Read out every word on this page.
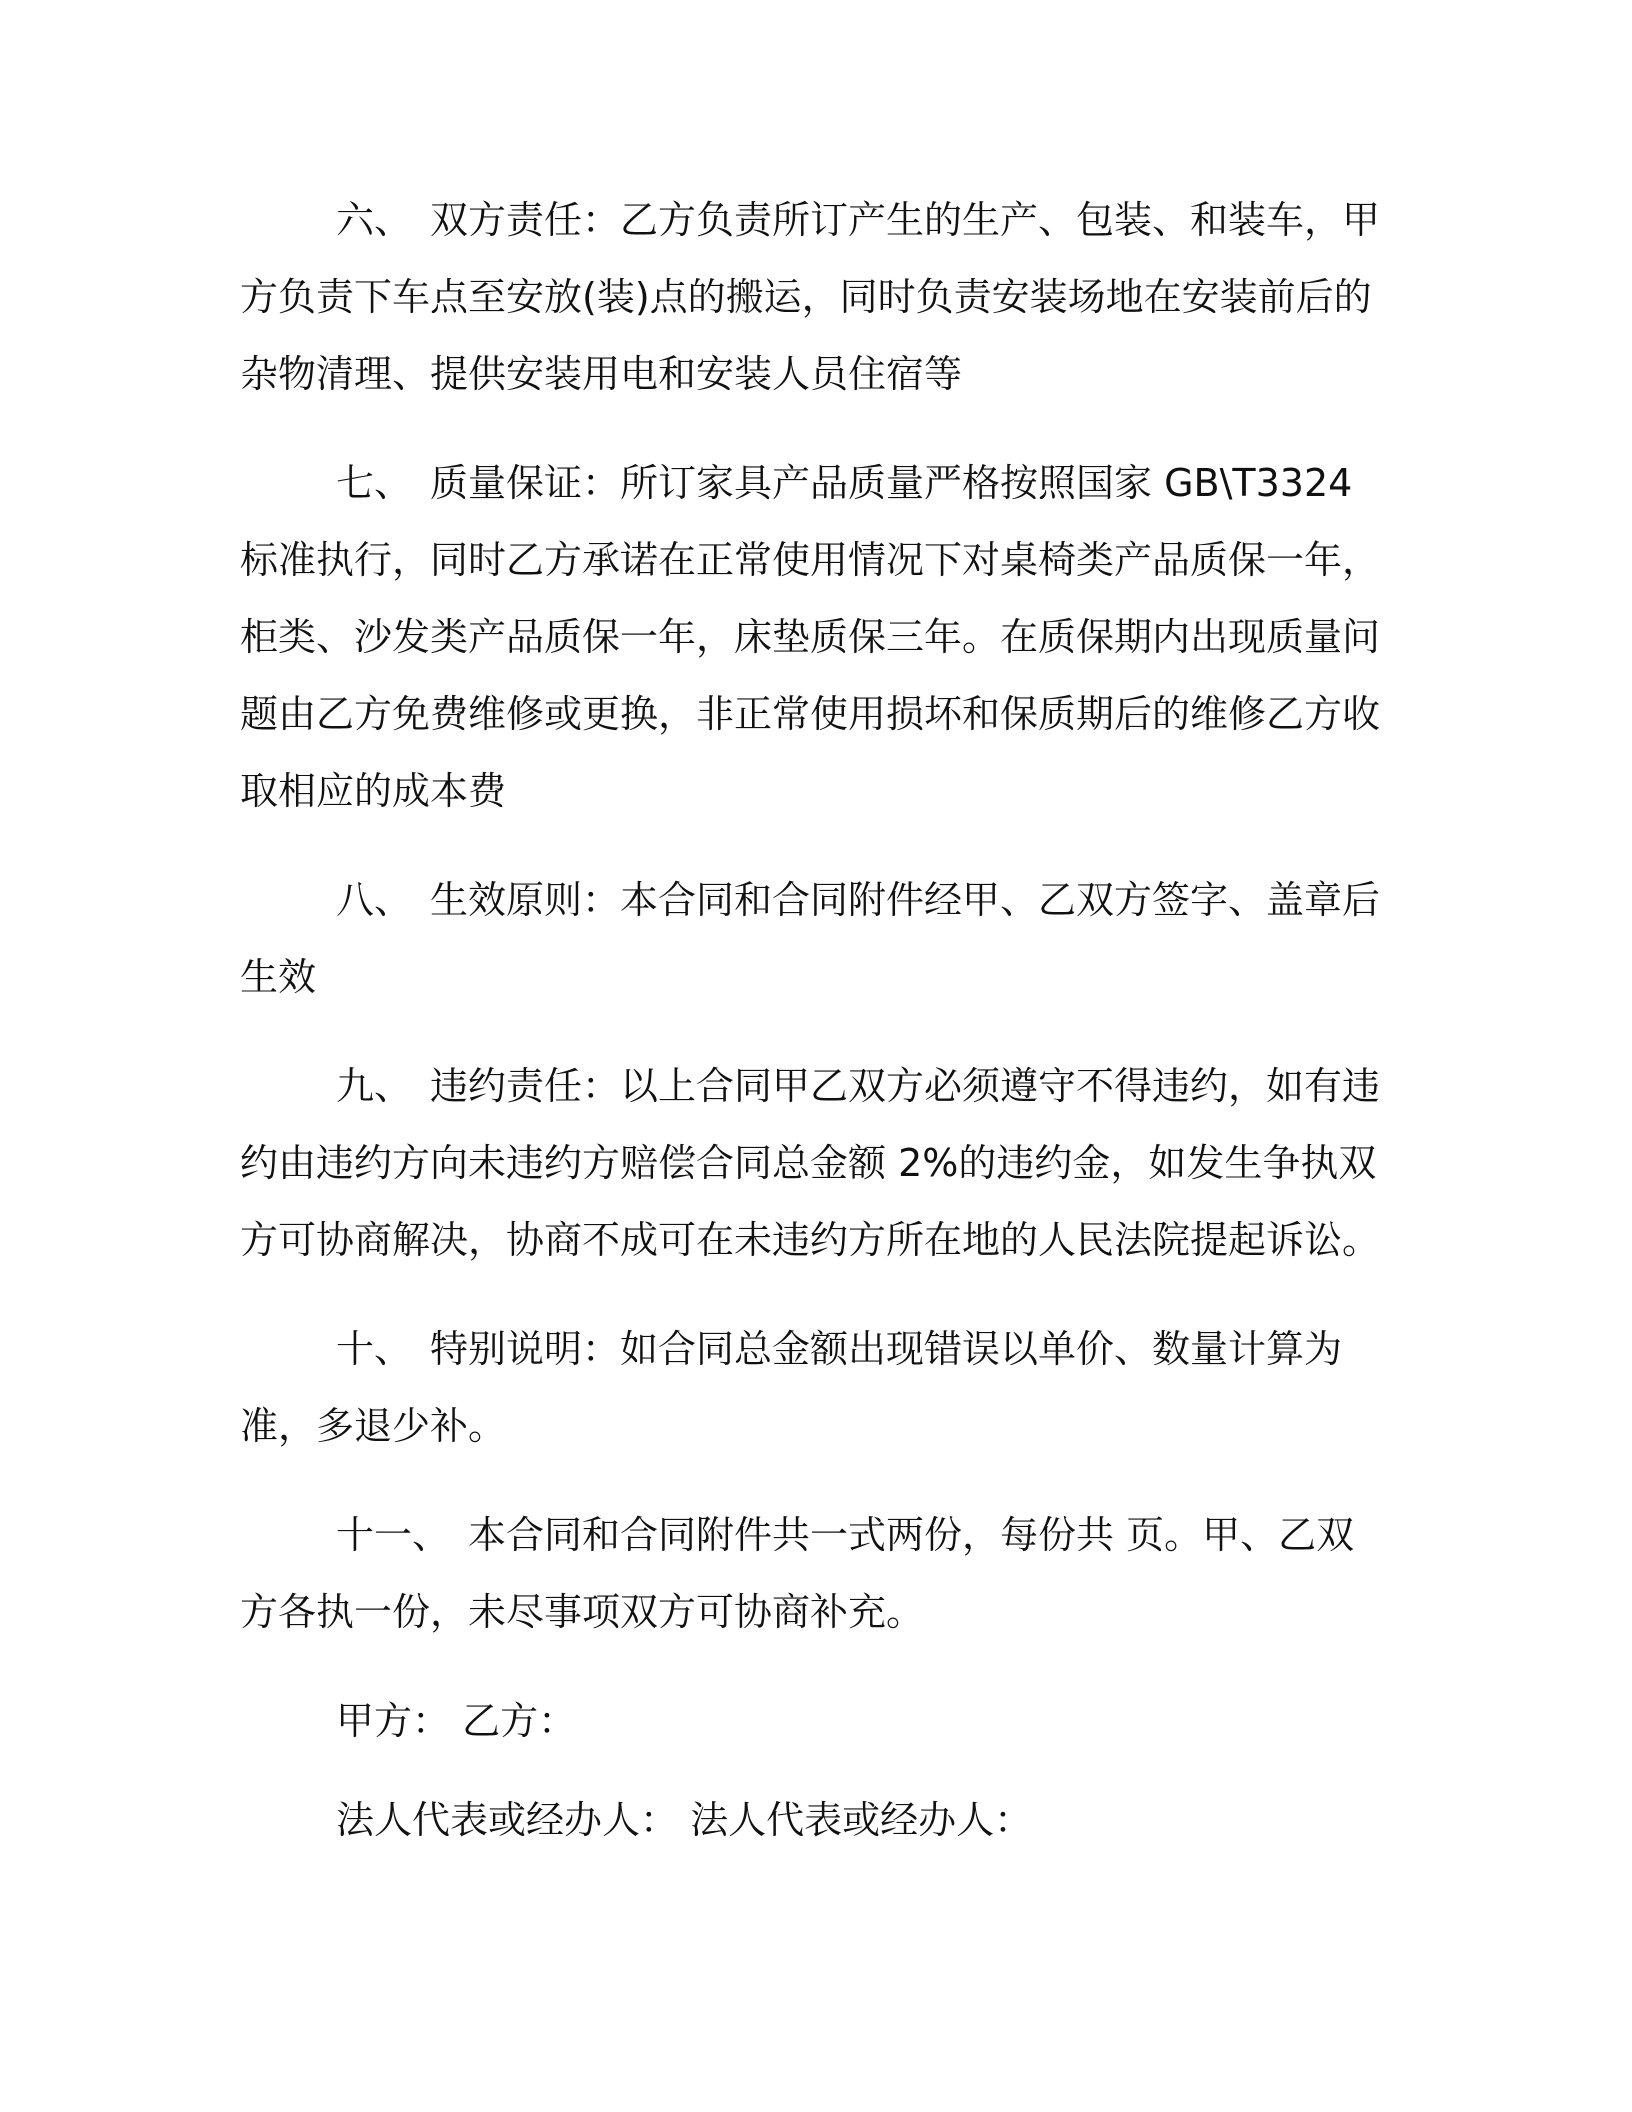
六、 双方责任：乙方负责所订产生的生产、包装、和装车，甲方负责下车点至安放(装)点的搬运，同时负责安装场地在安装前后的杂物清理、提供安装用电和安装人员住宿等

七、 质量保证：所订家具产品质量严格按照国家 GB\T3324 标准执行，同时乙方承诺在正常使用情况下对桌椅类产品质保一年，柜类、沙发类产品质保一年，床垫质保三年。在质保期内出现质量问题由乙方免费维修或更换，非正常使用损坏和保质期后的维修乙方收取相应的成本费

八、 生效原则：本合同和合同附件经甲、乙双方签字、盖章后生效

九、 违约责任：以上合同甲乙双方必须遵守不得违约，如有违约由违约方向未违约方赔偿合同总金额 2%的违约金，如发生争执双方可协商解决，协商不成可在未违约方所在地的人民法院提起诉讼。

十、 特别说明：如合同总金额出现错误以单价、数量计算为准，多退少补。

十一、 本合同和合同附件共一式两份，每份共 页。甲、乙双方各执一份，未尽事项双方可协商补充。

甲方： 乙方：

法人代表或经办人： 法人代表或经办人：
